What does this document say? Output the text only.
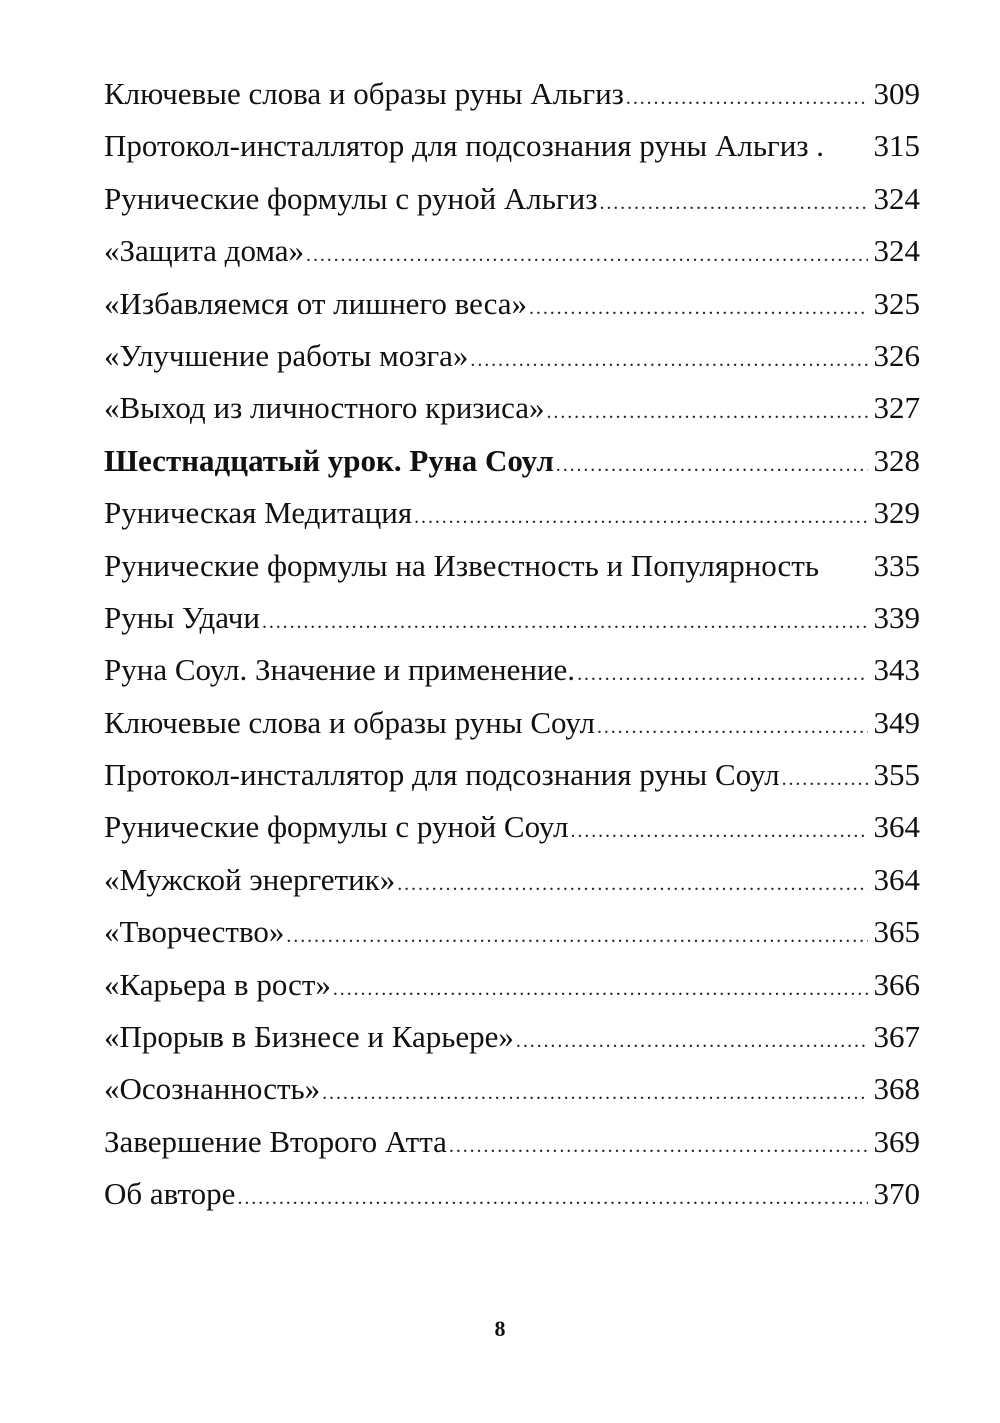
Ключевые слова и образы руны Альгиз .....	309
Протокол-инсталлятор для подсознания руны Альгиз . 315
Рунические формулы с руной Альгиз .....	324
«Защита дома» .....	324
«Избавляемся от лишнего веса» .....	325
«Улучшение работы мозга» .....	326
«Выход из личностного кризиса» .....	327
Шестнадцатый урок. Руна Соул .....	328
Руническая Медитация .....	329
Рунические формулы на Известность и Популярность 335
Руны Удачи .....	339
Руна Соул. Значение и применение. .....	343
Ключевые слова и образы руны Соул .....	349
Протокол-инсталлятор для подсознания руны Соул .....	355
Рунические формулы с руной Соул .....	364
«Мужской энергетик» .....	364
«Творчество» .....	365
«Карьера в рост» .....	366
«Прорыв в Бизнесе и Карьере» .....	367
«Осознанность» .....	368
Завершение Второго Атта .....	369
Об авторе .....	370
8
